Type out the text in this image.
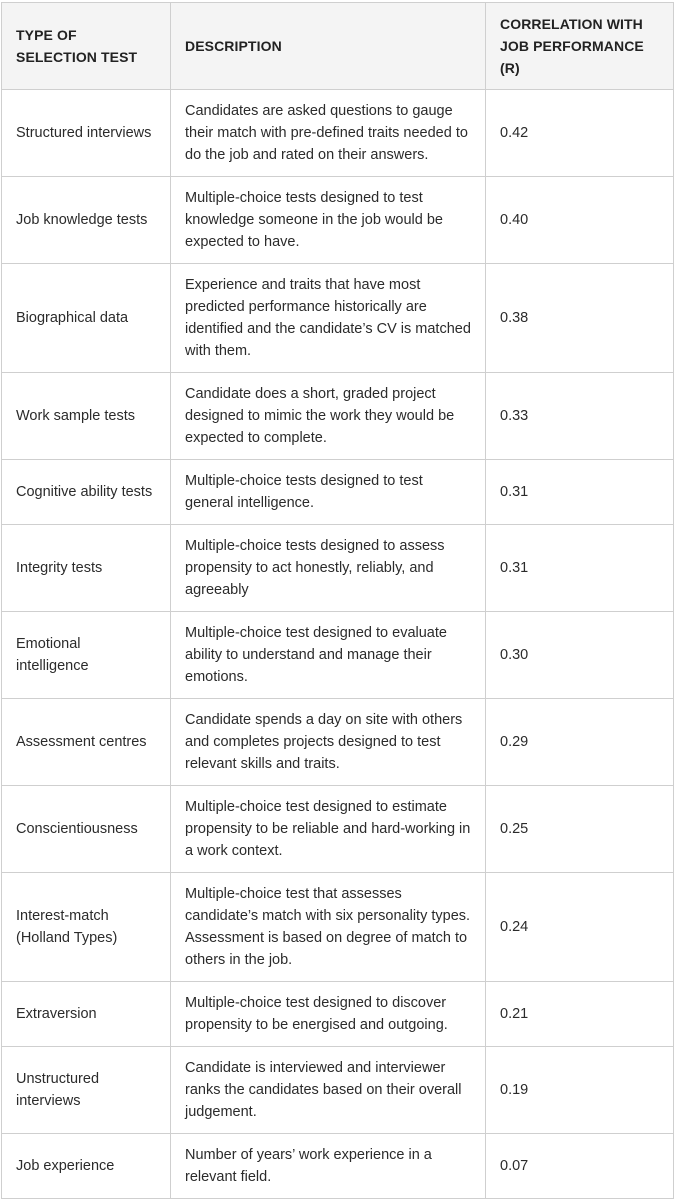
TYPE OF SELECTION TEST	DESCRIPTION	CORRELATION WITH JOB PERFORMANCE (R)
Structured interviews	Candidates are asked questions to gauge their match with pre-defined traits needed to do the job and rated on their answers.	0.42
Job knowledge tests	Multiple-choice tests designed to test knowledge someone in the job would be expected to have.	0.40
Biographical data	Experience and traits that have most predicted performance historically are identified and the candidate’s CV is matched with them.	0.38
Work sample tests	Candidate does a short, graded project designed to mimic the work they would be expected to complete.	0.33
Cognitive ability tests	Multiple-choice tests designed to test general intelligence.	0.31
Integrity tests	Multiple-choice tests designed to assess propensity to act honestly, reliably, and agreeably	0.31
Emotional intelligence	Multiple-choice test designed to evaluate ability to understand and manage their emotions.	0.30
Assessment centres	Candidate spends a day on site with others and completes projects designed to test relevant skills and traits.	0.29
Conscientiousness	Multiple-choice test designed to estimate propensity to be reliable and hard-working in a work context.	0.25
Interest-match (Holland Types)	Multiple-choice test that assesses candidate’s match with six personality types. Assessment is based on degree of match to others in the job.	0.24
Extraversion	Multiple-choice test designed to discover propensity to be energised and outgoing.	0.21
Unstructured interviews	Candidate is interviewed and interviewer ranks the candidates based on their overall judgement.	0.19
Job experience	Number of years’ work experience in a relevant field.	0.07
